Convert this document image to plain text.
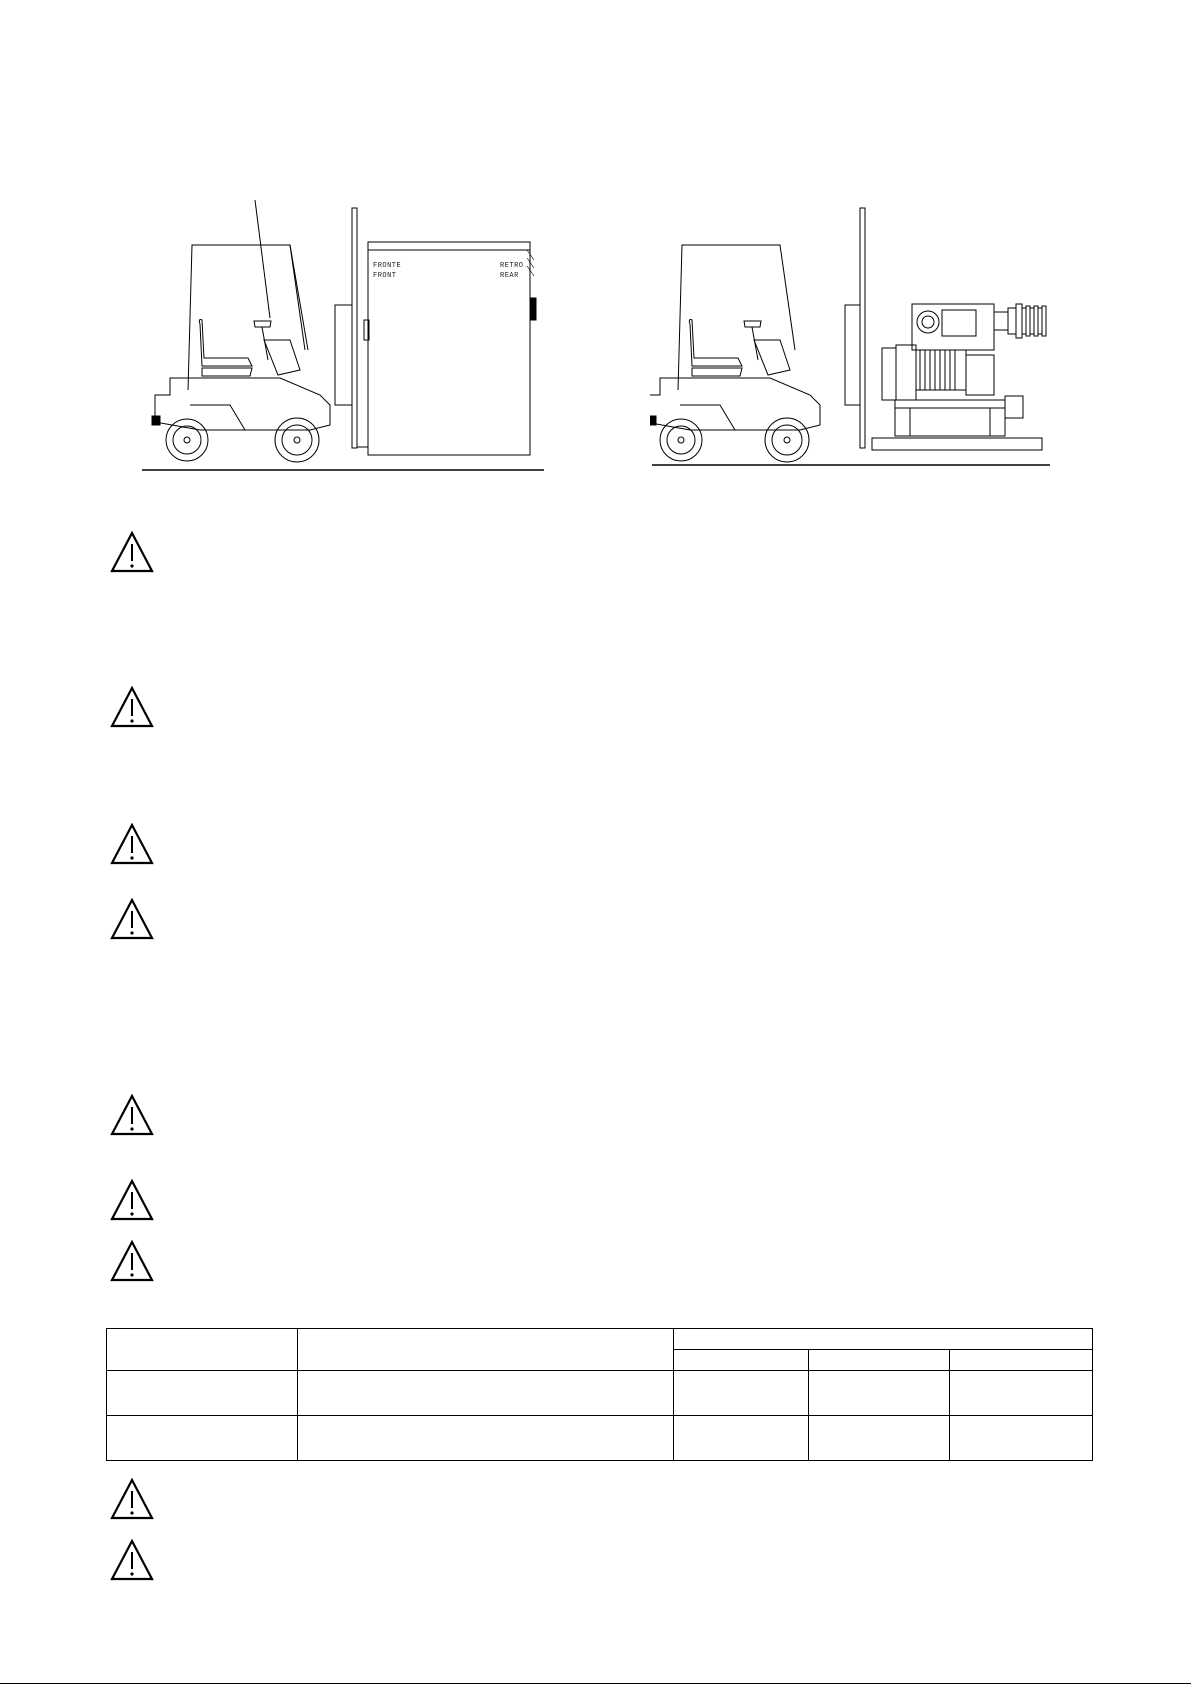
FRONTE
FRONT
RETRO
REAR
